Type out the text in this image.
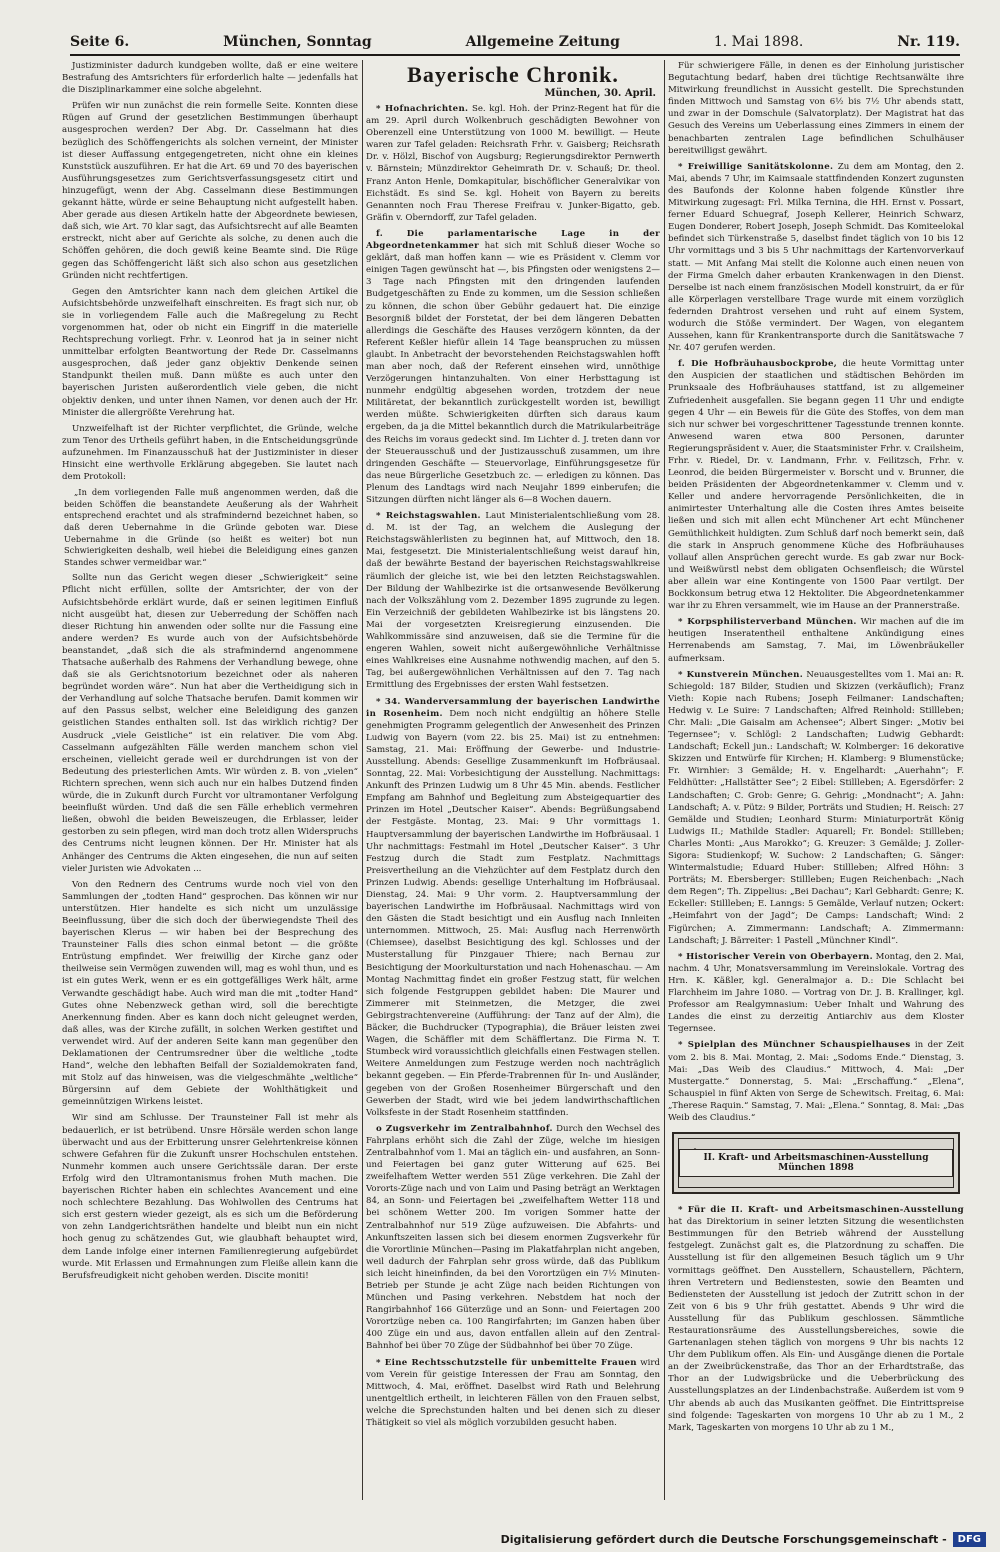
Seite 6.	München, Sonntag	Allgemeine Zeitung	1. Mai 1898.	Nr. 119.

Justizminister dadurch kundgeben wollte, daß er eine weitere Bestrafung des Amtsrichters für erforderlich halte — jedenfalls hat die Disziplinarkammer eine solche abgelehnt.

Prüfen wir nun zunächst die rein formelle Seite. Konnten diese Rügen auf Grund der gesetzlichen Bestimmungen überhaupt ausgesprochen werden? Der Abg. Dr. Casselmann hat dies bezüglich des Schöffengerichts als solchen verneint, der Minister ist dieser Auffassung entgegengetreten, nicht ohne ein kleines Kunststück auszuführen. Er hat die Art. 69 und 70 des bayerischen Ausführungsgesetzes zum Gerichtsverfassungsgesetz citirt und hinzugefügt, wenn der Abg. Casselmann diese Bestimmungen gekannt hätte, würde er seine Behauptung nicht aufgestellt haben. Aber gerade aus diesen Artikeln hatte der Abgeordnete bewiesen, daß sich, wie Art. 70 klar sagt, das Aufsichtsrecht auf alle Beamten erstreckt, nicht aber auf Gerichte als solche, zu denen auch die Schöffen gehören, die doch gewiß keine Beamte sind. Die Rüge gegen das Schöffengericht läßt sich also schon aus gesetzlichen Gründen nicht rechtfertigen.

Gegen den Amtsrichter kann nach dem gleichen Artikel die Aufsichtsbehörde unzweifelhaft einschreiten. Es fragt sich nur, ob sie in vorliegendem Falle auch die Maßregelung zu Recht vorgenommen hat, oder ob nicht ein Eingriff in die materielle Rechtsprechung vorliegt. Frhr. v. Leonrod hat ja in seiner nicht unmittelbar erfolgten Beantwortung der Rede Dr. Casselmanns ausgesprochen, daß jeder ganz objektiv Denkende seinen Standpunkt theilen muß. Dann müßte es auch unter den bayerischen Juristen außerordentlich viele geben, die nicht objektiv denken, und unter ihnen Namen, vor denen auch der Hr. Minister die allergrößte Verehrung hat.

Unzweifelhaft ist der Richter verpflichtet, die Gründe, welche zum Tenor des Urtheils geführt haben, in die Entscheidungsgründe aufzunehmen. Im Finanzausschuß hat der Justizminister in dieser Hinsicht eine werthvolle Erklärung abgegeben. Sie lautet nach dem Protokoll:

„In dem vorliegenden Falle muß angenommen werden, daß die beiden Schöffen die beanstandete Aeußerung als der Wahrheit entsprechend erachtet und als strafmindernd bezeichnet haben, so daß deren Uebernahme in die Gründe geboten war. Diese Uebernahme in die Gründe (so heißt es weiter) bot nun Schwierigkeiten deshalb, weil hiebei die Beleidigung eines ganzen Standes schwer vermeidbar war.“

Sollte nun das Gericht wegen dieser „Schwierigkeit“ seine Pflicht nicht erfüllen, sollte der Amtsrichter, der von der Aufsichtsbehörde erklärt wurde, daß er seinen legitimen Einfluß nicht ausgeübt hat, diesen zur Ueberredung der Schöffen nach dieser Richtung hin anwenden oder sollte nur die Fassung eine andere werden? Es wurde auch von der Aufsichtsbehörde beanstandet, „daß sich die als strafmindernd angenommene Thatsache außerhalb des Rahmens der Verhandlung bewege, ohne daß sie als Gerichtsnotorium bezeichnet oder als naheren begründet worden wäre“. Nun hat aber die Vertheidigung sich in der Verhandlung auf solche Thatsache berufen. Damit kommen wir auf den Passus selbst, welcher eine Beleidigung des ganzen geistlichen Standes enthalten soll. Ist das wirklich richtig? Der Ausdruck „viele Geistliche“ ist ein relativer. Die vom Abg. Casselmann aufgezählten Fälle werden manchem schon viel erscheinen, vielleicht gerade weil er durchdrungen ist von der Bedeutung des priesterlichen Amts. Wir würden z. B. von „vielen“ Richtern sprechen, wenn sich auch nur ein halbes Dutzend finden würde, die in Zukunft durch Furcht vor ultramontaner Verfolgung beeinflußt würden. Und daß die sen Fälle erheblich vermehren ließen, obwohl die beiden Beweiszeugen, die Erblasser, leider gestorben zu sein pflegen, wird man doch trotz allen Widerspruchs des Centrums nicht leugnen können. Der Hr. Minister hat als Anhänger des Centrums die Akten eingesehen, die nun auf seiten vieler Juristen wie Advokaten ...

Von den Rednern des Centrums wurde noch viel von den Sammlungen der „todten Hand“ gesprochen. Das können wir nur unterstützen. Hier handelte es sich nicht um unzulässige Beeinflussung, über die sich doch der überwiegendste Theil des bayerischen Klerus — wir haben bei der Besprechung des Traunsteiner Falls dies schon einmal betont — die größte Entrüstung empfindet. Wer freiwillig der Kirche ganz oder theilweise sein Vermögen zuwenden will, mag es wohl thun, und es ist ein gutes Werk, wenn er es ein gottgefälliges Werk hält, arme Verwandte geschädigt habe. Auch wird man die mit „todter Hand“ Gutes ohne Nebenzweck gethan wird, soll die berechtigte Anerkennung finden. Aber es kann doch nicht geleugnet werden, daß alles, was der Kirche zufällt, in solchen Werken gestiftet und verwendet wird. Auf der anderen Seite kann man gegenüber den Deklamationen der Centrumsredner über die weltliche „todte Hand“, welche den lebhaften Beifall der Sozialdemokraten fand, mit Stolz auf das hinweisen, was die vielgeschmähte „weltliche“ Bürgersinn auf dem Gebiete der Wohlthätigkeit und gemeinnützigen Wirkens leistet.

Wir sind am Schlusse. Der Traunsteiner Fall ist mehr als bedauerlich, er ist betrübend. Unsre Hörsäle werden schon lange überwacht und aus der Erbitterung unsrer Gelehrtenkreise können schwere Gefahren für die Zukunft unsrer Hochschulen entstehen. Nunmehr kommen auch unsere Gerichtssäle daran. Der erste Erfolg wird den Ultramontanismus frohen Muth machen. Die bayerischen Richter haben ein schlechtes Avancement und eine noch schlechtere Bezahlung. Das Wohlwollen des Centrums hat sich erst gestern wieder gezeigt, als es sich um die Beförderung von zehn Landgerichtsräthen handelte und bleibt nun ein nicht hoch genug zu schätzendes Gut, wie glaubhaft behauptet wird, dem Lande infolge einer internen Familienregierung aufgebürdet wurde. Mit Erlassen und Ermahnungen zum Fleiße allein kann die Berufsfreudigkeit nicht gehoben werden. Discite moniti!

Bayerische Chronik.
München, 30. April.

* Hofnachrichten. Se. kgl. Hoh. der Prinz-Regent hat für die am 29. April durch Wolkenbruch geschädigten Bewohner von Oberenzell eine Unterstützung von 1000 M. bewilligt. — Heute waren zur Tafel geladen: Reichsrath Frhr. v. Gaisberg; Reichsrath Dr. v. Hölzl, Bischof von Augsburg; Regierungsdirektor Pernwerth v. Bärnstein; Münzdirektor Geheimrath Dr. v. Schauß; Dr. theol. Franz Anton Henle, Domkapitular, bischöflicher Generalvikar von Eichstädt. Es sind Se. kgl. Hoheit von Bayern zu bereits Genannten noch Frau Therese Freifrau v. Junker-Bigatto, geb. Gräfin v. Oberndorff, zur Tafel geladen.

f. Die parlamentarische Lage in der Abgeordnetenkammer hat sich mit Schluß dieser Woche so geklärt, daß man hoffen kann — wie es Präsident v. Clemm vor einigen Tagen gewünscht hat —, bis Pfingsten oder wenigstens 2—3 Tage nach Pfingsten mit den dringenden laufenden Budgetgeschäften zu Ende zu kommen, um die Session schließen zu können, die schon über Gebühr gedauert hat. Die einzige Besorgniß bildet der Forstetat, der bei dem längeren Debatten allerdings die Geschäfte des Hauses verzögern könnten, da der Referent Keßler hiefür allein 14 Tage beanspruchen zu müssen glaubt. In Anbetracht der bevorstehenden Reichstagswahlen hofft man aber noch, daß der Referent einsehen wird, unnöthige Verzögerungen hintanzuhalten. Von einer Herbsttagung ist nunmehr endgültig abgesehen worden, trotzdem der neue Militäretat, der bekanntlich zurückgestellt worden ist, bewilligt werden müßte. Schwierigkeiten dürften sich daraus kaum ergeben, da ja die Mittel bekanntlich durch die Matrikularbeiträge des Reichs im voraus gedeckt sind. Im Lichter d. J. treten dann vor der Steuerausschuß und der Justizausschuß zusammen, um ihre dringenden Geschäfte — Steuervorlage, Einführungsgesetze für das neue Bürgerliche Gesetzbuch zc. — erledigen zu können. Das Plenum des Landtags wird nach Neujahr 1899 einberufen; die Sitzungen dürften nicht länger als 6—8 Wochen dauern.

* Reichstagswahlen. Laut Ministerialentschließung vom 28. d. M. ist der Tag, an welchem die Auslegung der Reichstagswählerlisten zu beginnen hat, auf Mittwoch, den 18. Mai, festgesetzt. Die Ministerialentschließung weist darauf hin, daß der bewährte Bestand der bayerischen Reichstagswahlkreise räumlich der gleiche ist, wie bei den letzten Reichstagswahlen. Der Bildung der Wahlbezirke ist die ortsanwesende Bevölkerung nach der Volkszählung vom 2. Dezember 1895 zugrunde zu legen. Ein Verzeichniß der gebildeten Wahlbezirke ist bis längstens 20. Mai der vorgesetzten Kreisregierung einzusenden. Die Wahlkommissäre sind anzuweisen, daß sie die Termine für die engeren Wahlen, soweit nicht außergewöhnliche Verhältnisse eines Wahlkreises eine Ausnahme nothwendig machen, auf den 5. Tag, bei außergewöhnlichen Verhältnissen auf den 7. Tag nach Ermittlung des Ergebnisses der ersten Wahl festsetzen.

* 34. Wanderversammlung der bayerischen Landwirthe in Rosenheim. Dem noch nicht endgültig an höhere Stelle genehmigten Programm gelegentlich der Anwesenheit des Prinzen Ludwig von Bayern (vom 22. bis 25. Mai) ist zu entnehmen: Samstag, 21. Mai: Eröffnung der Gewerbe- und Industrie-Ausstellung. Abends: Gesellige Zusammenkunft im Hofbräusaal. Sonntag, 22. Mai: Vorbesichtigung der Ausstellung. Nachmittags: Ankunft des Prinzen Ludwig um 8 Uhr 45 Min. abends. Festlicher Empfang am Bahnhof und Begleitung zum Absteigequartier des Prinzen im Hotel „Deutscher Kaiser“. Abends: Begrüßungsabend der Festgäste. Montag, 23. Mai: 9 Uhr vormittags 1. Hauptversammlung der bayerischen Landwirthe im Hofbräusaal. 1 Uhr nachmittags: Festmahl im Hotel „Deutscher Kaiser“. 3 Uhr Festzug durch die Stadt zum Festplatz. Nachmittags Preisvertheilung an die Viehzüchter auf dem Festplatz durch den Prinzen Ludwig. Abends: gesellige Unterhaltung im Hofbräusaal. Dienstag, 24. Mai: 9 Uhr vorm. 2. Hauptversammlung der bayerischen Landwirthe im Hofbräusaal. Nachmittags wird von den Gästen die Stadt besichtigt und ein Ausflug nach Innleiten unternommen. Mittwoch, 25. Mai: Ausflug nach Herrenwörth (Chiemsee), daselbst Besichtigung des kgl. Schlosses und der Musterstallung für Pinzgauer Thiere; nach Bernau zur Besichtigung der Moorkulturstation und nach Hohenaschau. — Am Montag Nachmittag findet ein großer Festzug statt, für welchen sich folgende Festgruppen gebildet haben: Die Maurer und Zimmerer mit Steinmetzen, die Metzger, die zwei Gebirgstrachtenvereine (Aufführung: der Tanz auf der Alm), die Bäcker, die Buchdrucker (Typographia), die Bräuer leisten zwei Wagen, die Schäffler mit dem Schäfflertanz. Die Firma N. T. Stumbeck wird voraussichtlich gleichfalls einen Festwagen stellen. Weitere Anmeldungen zum Festzuge werden noch nachträglich bekannt gegeben. — Ein Pferde-Trabrennen für In- und Ausländer, gegeben von der Großen Rosenheimer Bürgerschaft und den Gewerben der Stadt, wird wie bei jedem landwirthschaftlichen Volksfeste in der Stadt Rosenheim stattfinden.

o Zugsverkehr im Zentralbahnhof. Durch den Wechsel des Fahrplans erhöht sich die Zahl der Züge, welche im hiesigen Zentralbahnhof vom 1. Mai an täglich ein- und ausfahren, an Sonn- und Feiertagen bei ganz guter Witterung auf 625. Bei zweifelhaftem Wetter werden 551 Züge verkehren. Die Zahl der Vororts-Züge nach und von Laim und Pasing beträgt an Werktagen 84, an Sonn- und Feiertagen bei „zweifelhaftem Wetter 118 und bei schönem Wetter 200. Im vorigen Sommer hatte der Zentralbahnhof nur 519 Züge aufzuweisen. Die Abfahrts- und Ankunftszeiten lassen sich bei diesem enormen Zugsverkehr für die Vorortlinie München—Pasing im Plakatfahrplan nicht angeben, weil dadurch der Fahrplan sehr gross würde, daß das Publikum sich leicht hineinfinden, da bei den Vorortzügen ein 7½ Minuten-Betrieb per Stunde je acht Züge nach beiden Richtungen von München und Pasing verkehren. Nebstdem hat noch der Rangirbahnhof 166 Güterzüge und an Sonn- und Feiertagen 200 Vorortzüge neben ca. 100 Rangirfahrten; im Ganzen haben über 400 Züge ein und aus, davon entfallen allein auf den Zentral-Bahnhof bei über 70 Züge der Südbahnhof bei über 70 Züge.

* Eine Rechtsschutzstelle für unbemittelte Frauen wird vom Verein für geistige Interessen der Frau am Sonntag, den Mittwoch, 4. Mai, eröffnet. Daselbst wird Rath und Belehrung unentgeltlich ertheilt, in leichteren Fällen von den Frauen selbst, welche die Sprechstunden halten und bei denen sich zu dieser Thätigkeit so viel als möglich vorzubilden gesucht haben.

Für schwierigere Fälle, in denen es der Einholung juristischer Begutachtung bedarf, haben drei tüchtige Rechtsanwälte ihre Mitwirkung freundlichst in Aussicht gestellt. Die Sprechstunden finden Mittwoch und Samstag von 6½ bis 7½ Uhr abends statt, und zwar in der Domschule (Salvatorplatz). Der Magistrat hat das Gesuch des Vereins um Ueberlassung eines Zimmers in einem der benachbarten zentralen Lage befindlichen Schulhäuser bereitwilligst gewährt.

* Freiwillige Sanitätskolonne. Zu dem am Montag, den 2. Mai, abends 7 Uhr, im Kaimsaale stattfindenden Konzert zugunsten des Baufonds der Kolonne haben folgende Künstler ihre Mitwirkung zugesagt: Frl. Milka Ternina, die HH. Ernst v. Possart, ferner Eduard Schuegraf, Joseph Kellerer, Heinrich Schwarz, Eugen Donderer, Robert Joseph, Joseph Schmidt. Das Komiteelokal befindet sich Türkenstraße 5, daselbst findet täglich von 10 bis 12 Uhr vormittags und 3 bis 5 Uhr nachmittags der Kartenvorverkauf statt. — Mit Anfang Mai stellt die Kolonne auch einen neuen von der Firma Gmelch daher erbauten Krankenwagen in den Dienst. Derselbe ist nach einem französischen Modell konstruirt, da er für alle Körperlagen verstellbare Trage wurde mit einem vorzüglich federnden Drahtrost versehen und ruht auf einem System, wodurch die Stöße vermindert. Der Wagen, von elegantem Aussehen, kann für Krankentransporte durch die Sanitätswache 7 Nr. 407 gerufen werden.

f. Die Hofbräuhausbockprobe, die heute Vormittag unter den Auspicien der staatlichen und städtischen Behörden im Prunksaale des Hofbräuhauses stattfand, ist zu allgemeiner Zufriedenheit ausgefallen. Sie begann gegen 11 Uhr und endigte gegen 4 Uhr — ein Beweis für die Güte des Stoffes, von dem man sich nur schwer bei vorgeschrittener Tagesstunde trennen konnte. Anwesend waren etwa 800 Personen, darunter Regierungspräsident v. Auer, die Staatsminister Frhr. v. Crailsheim, Frhr. v. Riedel, Dr. v. Landmann, Frhr. v. Feilitzsch, Frhr. v. Leonrod, die beiden Bürgermeister v. Borscht und v. Brunner, die beiden Präsidenten der Abgeordnetenkammer v. Clemm und v. Keller und andere hervorragende Persönlichkeiten, die in animirtester Unterhaltung alle die Costen ihres Amtes beiseite ließen und sich mit allen echt Münchener Art echt Münchener Gemüthlichkeit huldigten. Zum Schluß darf noch bemerkt sein, daß die stark in Anspruch genommene Küche des Hofbräuhauses vollauf allen Ansprüchen gerecht wurde. Es gab zwar nur Bock- und Weißwürstl nebst dem obligaten Ochsenfleisch; die Würstel aber allein war eine Kontingente von 1500 Paar vertilgt. Der Bockkonsum betrug etwa 12 Hektoliter. Die Abgeordnetenkammer war ihr zu Ehren versammelt, wie im Hause an der Prannerstraße.

* Korpsphilisterverband München. Wir machen auf die im heutigen Inseratentheil enthaltene Ankündigung eines Herrenabends am Samstag, 7. Mai, im Löwenbräukeller aufmerksam.

* Kunstverein München. Neuausgestelltes vom 1. Mai an: R. Schiegold: 187 Bilder, Studien und Skizzen (verkäuflich); Franz Vieth: Kopie nach Rubens; Joseph Feilmaner: Landschaften; Hedwig v. Le Suire: 7 Landschaften; Alfred Reinhold: Stillleben; Chr. Mali: „Die Gaisalm am Achensee“; Albert Singer: „Motiv bei Tegernsee“; v. Schlögl: 2 Landschaften; Ludwig Gebhardt: Landschaft; Eckell jun.: Landschaft; W. Kolmberger: 16 dekorative Skizzen und Entwürfe für Kirchen; H. Klamberg: 9 Blumenstücke; Fr. Wirnhier: 3 Gemälde; H. v. Engelhardt: „Auerhahn“; F. Feldhütter: „Hallstätter See“; 2 Eibel: Stillleben; A. Egersdörfer: 2 Landschaften; C. Grob: Genre; G. Gehrig: „Mondnacht“; A. Jahn: Landschaft; A. v. Pütz: 9 Bilder, Porträts und Studien; H. Reisch: 27 Gemälde und Studien; Leonhard Sturm: Miniaturporträt König Ludwigs II.; Mathilde Stadler: Aquarell; Fr. Bondel: Stillleben; Charles Monti: „Aus Marokko“; G. Kreuzer: 3 Gemälde; J. Zoller-Sigora: Studienkopf; W. Suchow: 2 Landschaften; G. Sänger: Wintermalstudie; Eduard Huber: Stillleben; Alfred Höhn: 3 Porträts; M. Ebersberger: Stillleben; Eugen Reichenbach: „Nach dem Regen“; Th. Zippelius: „Bei Dachau“; Karl Gebhardt: Genre; K. Eckeller: Stillleben; E. Lanngs: 5 Gemälde, Verlauf nutzen; Ockert: „Heimfahrt von der Jagd“; De Camps: Landschaft; Wind: 2 Figürchen; A. Zimmermann: Landschaft; A. Zimmermann: Landschaft; J. Bärreiter: 1 Pastell „Münchner Kindl“.

* Historischer Verein von Oberbayern. Montag, den 2. Mai, nachm. 4 Uhr, Monatsversammlung im Vereinslokale. Vortrag des Hrn. K. Käßler, kgl. Generalmajor a. D.: Die Schlacht bei Flarchheim im Jahre 1080. — Vortrag von Dr. J. B. Krallinger, kgl. Professor am Realgymnasium: Ueber Inhalt und Wahrung des Landes die einst zu derzeitig Antiarchiv aus dem Kloster Tegernsee.

* Spielplan des Münchner Schauspielhauses in der Zeit vom 2. bis 8. Mai. Montag, 2. Mai: „Sodoms Ende.“ Dienstag, 3. Mai: „Das Weib des Claudius.“ Mittwoch, 4. Mai: „Der Mustergatte.“ Donnerstag, 5. Mai: „Erschaffung.“ „Elena“, Schauspiel in fünf Akten von Serge de Schewitsch. Freitag, 6. Mai: „Therese Raquin.“ Samstag, 7. Mai: „Elena.“ Sonntag, 8. Mai: „Das Weib des Claudius.“

II. Kraft- und Arbeitsmaschinen-Ausstellung München 1898

* Für die II. Kraft- und Arbeitsmaschinen-Ausstellung hat das Direktorium in seiner letzten Sitzung die wesentlichsten Bestimmungen für den Betrieb während der Ausstellung festgelegt. Zunächst galt es, die Platzordnung zu schaffen. Die Ausstellung ist für den allgemeinen Besuch täglich um 9 Uhr vormittags geöffnet. Den Ausstellern, Schaustellern, Pächtern, ihren Vertretern und Bedienstesten, sowie den Beamten und Bediensteten der Ausstellung ist jedoch der Zutritt schon in der Zeit von 6 bis 9 Uhr früh gestattet. Abends 9 Uhr wird die Ausstellung für das Publikum geschlossen. Sämmtliche Restaurationsräume des Ausstellungsbereiches, sowie die Gartenanlagen stehen täglich von morgens 9 Uhr bis nachts 12 Uhr dem Publikum offen. Als Ein- und Ausgänge dienen die Portale an der Zweibrückenstraße, das Thor an der Erhardtstraße, das Thor an der Ludwigsbrücke und die Ueberbrückung des Ausstellungsplatzes an der Lindenbachstraße. Außerdem ist vom 9 Uhr abends ab auch das Musikanten geöffnet. Die Eintrittspreise sind folgende: Tageskarten von morgens 10 Uhr ab zu 1 M., 2 Mark, Tageskarten von morgens 10 Uhr ab zu 1 M.,

Digitalisierung gefördert durch die Deutsche Forschungsgemeinschaft -	DFG
